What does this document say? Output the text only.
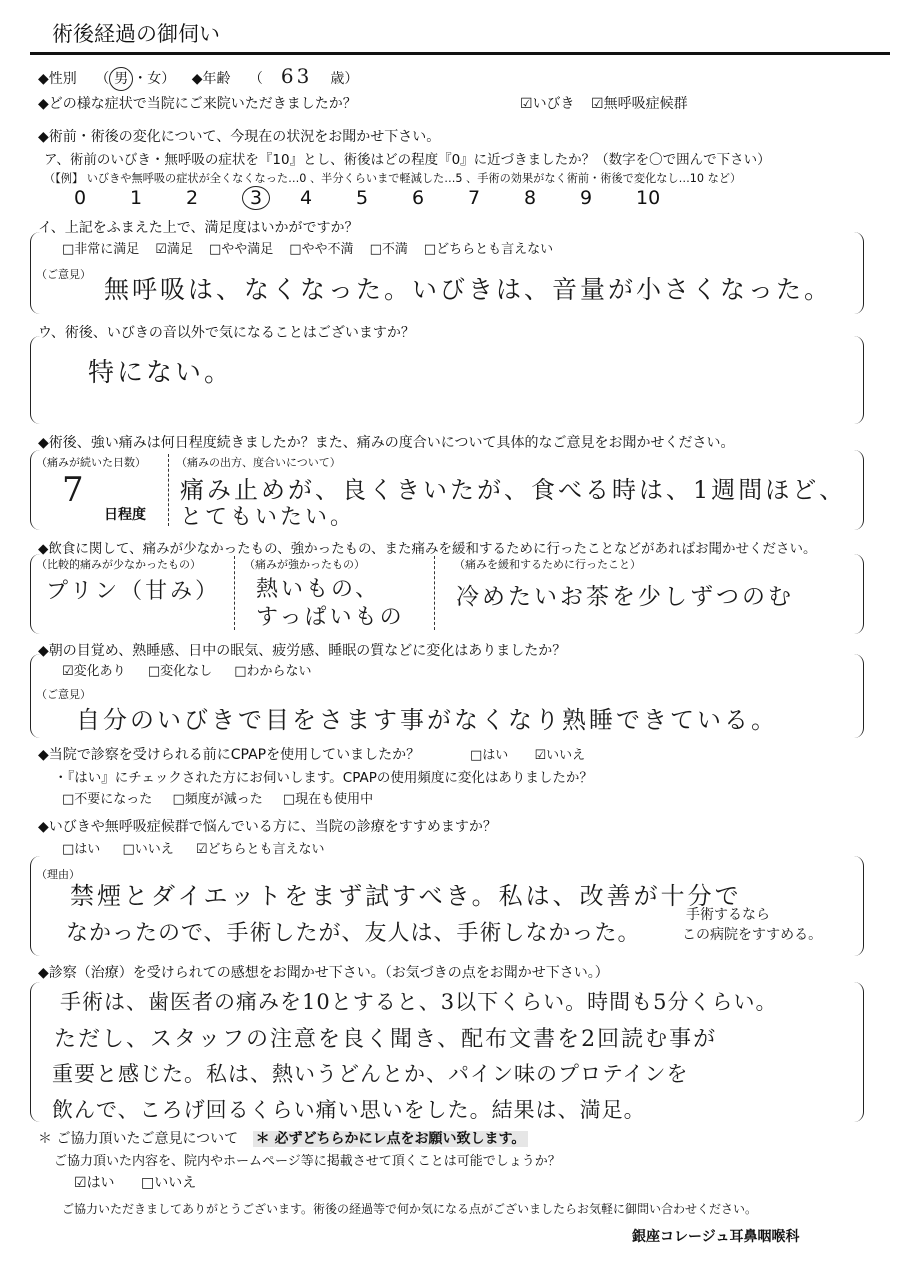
術後経過の御伺い
◆性別 （ 男 ・女） ◆年齢 （ 63 歳）
◆どの様な症状で当院にご来院いただきましたか？	☑いびき ☑無呼吸症候群
◆術前・術後の変化について、今現在の状況をお聞かせ下さい。
ア、術前のいびき・無呼吸の症状を『10』とし、術後はどの程度『0』に近づきましたか？（数字を〇で囲んで下さい）
（【例】 いびきや無呼吸の症状が全くなくなった…0 、半分くらいまで軽減した…5 、手術の効果がなく術前・術後で変化なし…10 など）
0 1 2	3 4 5 6 7 8 9 10
イ、上記をふまえた上で、満足度はいかがですか？
□非常に満足 ☑満足 □やや満足 □やや不満 □不満 □どちらとも言えない
（ご意見）
無呼吸は、なくなった。いびきは、音量が小さくなった。
ウ、術後、いびきの音以外で気になることはございますか？
特にない。
◆術後、強い痛みは何日程度続きましたか？また、痛みの度合いについて具体的なご意見をお聞かせください。
（痛みが続いた日数）
7
日程度
（痛みの出方、度合いについて）
痛み止めが、良くきいたが、食べる時は、1週間ほど、
とてもいたい。
◆飲食に関して、痛みが少なかったもの、強かったもの、また痛みを緩和するために行ったことなどがあればお聞かせください。
（比較的痛みが少なかったもの）
プリン（甘み）
（痛みが強かったもの）
熱いもの、
すっぱいもの
（痛みを緩和するために行ったこと）
冷めたいお茶を少しずつのむ
◆朝の目覚め、熟睡感、日中の眠気、疲労感、睡眠の質などに変化はありましたか？
☑変化あり □変化なし □わからない
（ご意見）
自分のいびきで目をさます事がなくなり熟睡できている。
◆当院で診察を受けられる前にCPAPを使用していましたか？	□はい ☑いいえ
・『はい』にチェックされた方にお伺いします。CPAPの使用頻度に変化はありましたか？
□不要になった □頻度が減った □現在も使用中
◆いびきや無呼吸症候群で悩んでいる方に、当院の診療をすすめますか？
□はい □いいえ ☑どちらとも言えない
（理由）
禁煙とダイエットをまず試すべき。私は、改善が十分で
なかったので、手術したが、友人は、手術しなかった。
手術するなら
この病院をすすめる。
◆診察（治療）を受けられての感想をお聞かせ下さい。（お気づきの点をお聞かせ下さい。）
手術は、歯医者の痛みを10とすると、3以下くらい。時間も5分くらい。
ただし、スタッフの注意を良く聞き、配布文書を2回読む事が
重要と感じた。私は、熱いうどんとか、パイン味のプロテインを
飲んで、ころげ回るくらい痛い思いをした。結果は、満足。
＊ ご協力頂いたご意見について ＊ 必ずどちらかにレ点をお願い致します。
ご協力頂いた内容を、院内やホームページ等に掲載させて頂くことは可能でしょうか？
☑はい □いいえ
ご協力いただきましてありがとうございます。術後の経過等で何か気になる点がございましたらお気軽に御問い合わせください。
銀座コレージュ耳鼻咽喉科
